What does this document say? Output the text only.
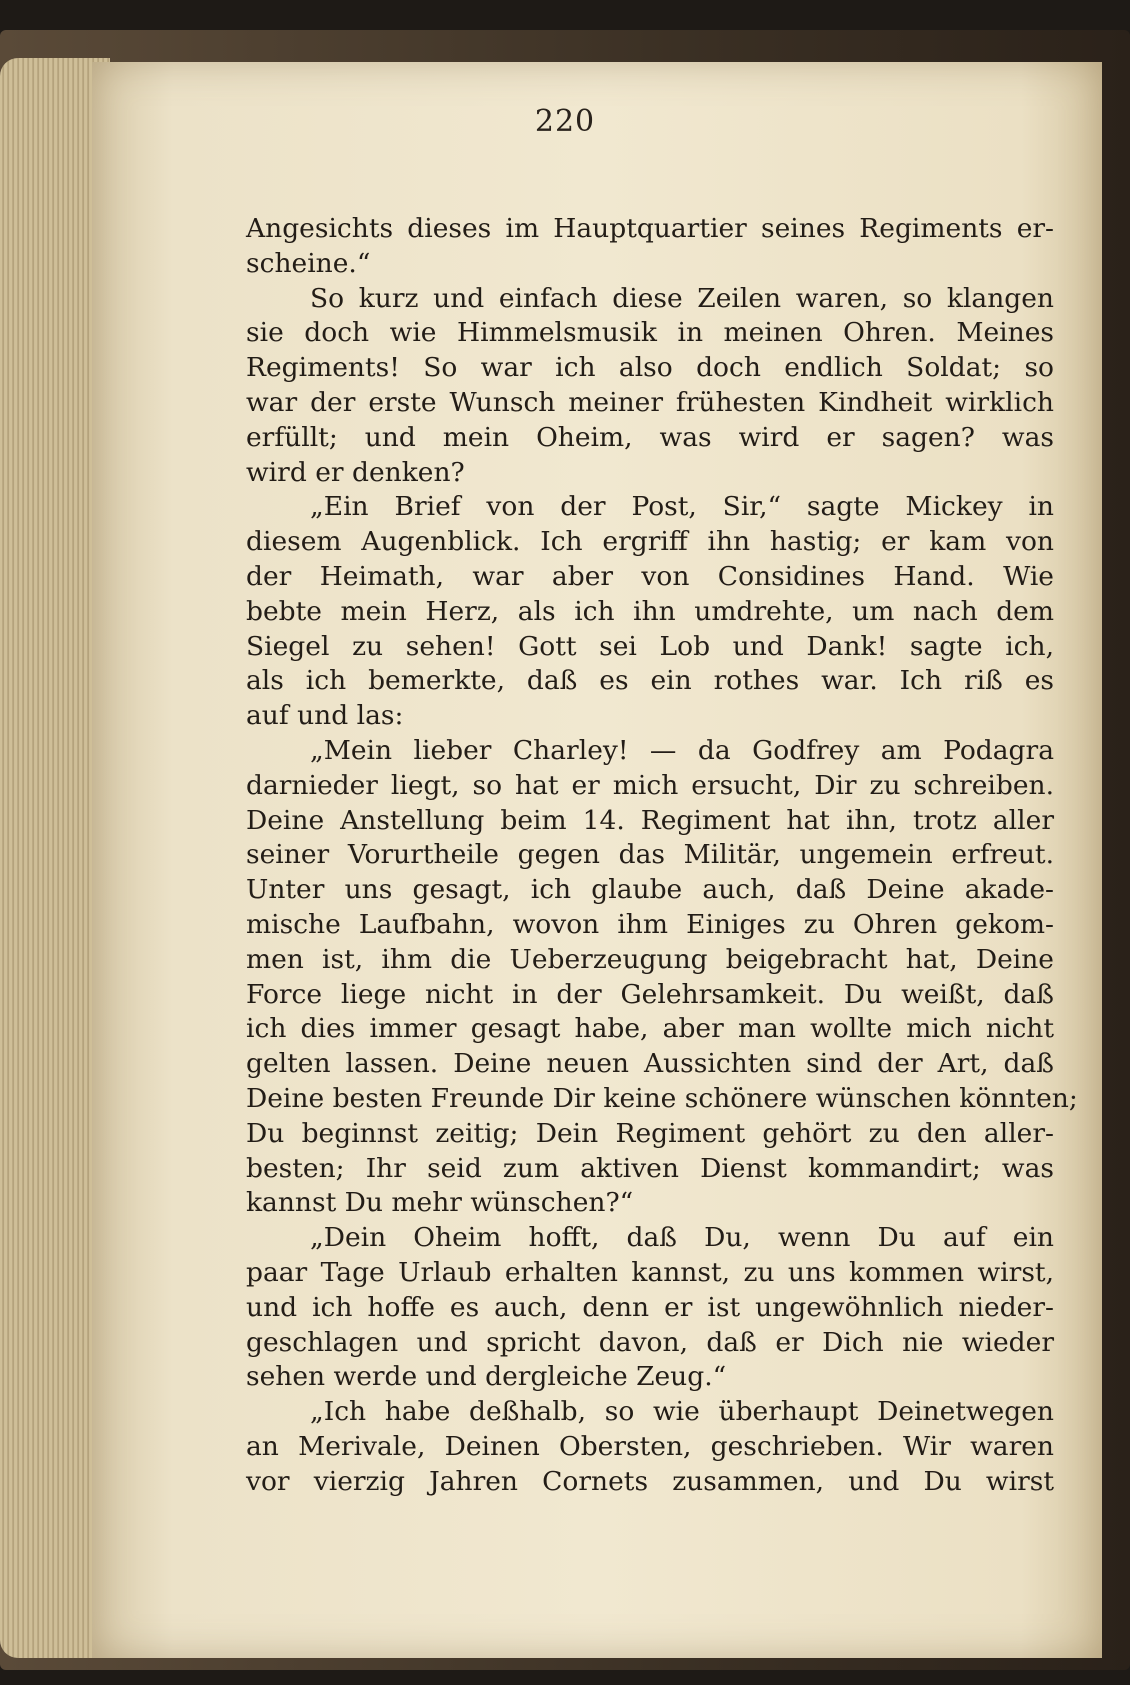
220
Angesichts dieses im Hauptquartier seines Regiments er-
scheine.“
So kurz und einfach diese Zeilen waren, so klangen
sie doch wie Himmelsmusik in meinen Ohren. Meines
Regiments! So war ich also doch endlich Soldat; so
war der erste Wunsch meiner frühesten Kindheit wirklich
erfüllt; und mein Oheim, was wird er sagen? was
wird er denken?
„Ein Brief von der Post, Sir,“ sagte Mickey in
diesem Augenblick. Ich ergriff ihn hastig; er kam von
der Heimath, war aber von Considines Hand. Wie
bebte mein Herz, als ich ihn umdrehte, um nach dem
Siegel zu sehen! Gott sei Lob und Dank! sagte ich,
als ich bemerkte, daß es ein rothes war. Ich riß es
auf und las:
„Mein lieber Charley! — da Godfrey am Podagra
darnieder liegt, so hat er mich ersucht, Dir zu schreiben.
Deine Anstellung beim 14. Regiment hat ihn, trotz aller
seiner Vorurtheile gegen das Militär, ungemein erfreut.
Unter uns gesagt, ich glaube auch, daß Deine akade-
mische Laufbahn, wovon ihm Einiges zu Ohren gekom-
men ist, ihm die Ueberzeugung beigebracht hat, Deine
Force liege nicht in der Gelehrsamkeit. Du weißt, daß
ich dies immer gesagt habe, aber man wollte mich nicht
gelten lassen. Deine neuen Aussichten sind der Art, daß
Deine besten Freunde Dir keine schönere wünschen könnten;
Du beginnst zeitig; Dein Regiment gehört zu den aller-
besten; Ihr seid zum aktiven Dienst kommandirt; was
kannst Du mehr wünschen?“
„Dein Oheim hofft, daß Du, wenn Du auf ein
paar Tage Urlaub erhalten kannst, zu uns kommen wirst,
und ich hoffe es auch, denn er ist ungewöhnlich nieder-
geschlagen und spricht davon, daß er Dich nie wieder
sehen werde und dergleiche Zeug.“
„Ich habe deßhalb, so wie überhaupt Deinetwegen
an Merivale, Deinen Obersten, geschrieben. Wir waren
vor vierzig Jahren Cornets zusammen, und Du wirst
